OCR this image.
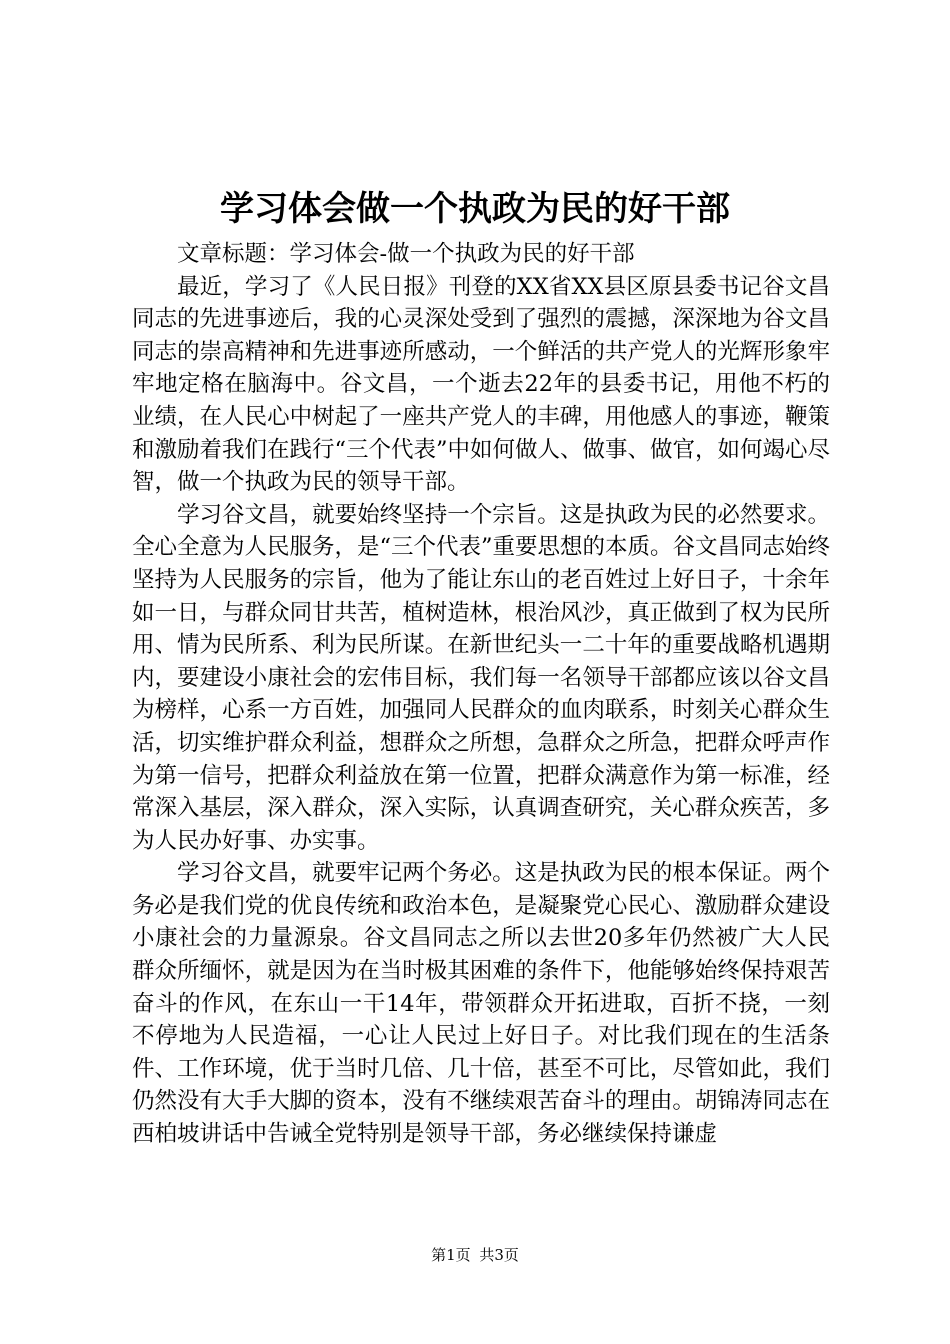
学习体会做一个执政为民的好干部

文章标题：学习体会-做一个执政为民的好干部

最近，学习了《人民日报》刊登的XX省XX县区原县委书记谷文昌同志的先进事迹后，我的心灵深处受到了强烈的震撼，深深地为谷文昌同志的崇高精神和先进事迹所感动，一个鲜活的共产党人的光辉形象牢牢地定格在脑海中。谷文昌，一个逝去22年的县委书记，用他不朽的业绩，在人民心中树起了一座共产党人的丰碑，用他感人的事迹，鞭策和激励着我们在践行“三个代表”中如何做人、做事、做官，如何竭心尽智，做一个执政为民的领导干部。

学习谷文昌，就要始终坚持一个宗旨。这是执政为民的必然要求。全心全意为人民服务，是“三个代表”重要思想的本质。谷文昌同志始终坚持为人民服务的宗旨，他为了能让东山的老百姓过上好日子，十余年如一日，与群众同甘共苦，植树造林，根治风沙，真正做到了权为民所用、情为民所系、利为民所谋。在新世纪头一二十年的重要战略机遇期内，要建设小康社会的宏伟目标，我们每一名领导干部都应该以谷文昌为榜样，心系一方百姓，加强同人民群众的血肉联系，时刻关心群众生活，切实维护群众利益，想群众之所想，急群众之所急，把群众呼声作为第一信号，把群众利益放在第一位置，把群众满意作为第一标准，经常深入基层，深入群众，深入实际，认真调查研究，关心群众疾苦，多为人民办好事、办实事。

学习谷文昌，就要牢记两个务必。这是执政为民的根本保证。两个务必是我们党的优良传统和政治本色，是凝聚党心民心、激励群众建设小康社会的力量源泉。谷文昌同志之所以去世20多年仍然被广大人民群众所缅怀，就是因为在当时极其困难的条件下，他能够始终保持艰苦奋斗的作风，在东山一干14年，带领群众开拓进取，百折不挠，一刻不停地为人民造福，一心让人民过上好日子。对比我们现在的生活条件、工作环境，优于当时几倍、几十倍，甚至不可比，尽管如此，我们仍然没有大手大脚的资本，没有不继续艰苦奋斗的理由。胡锦涛同志在西柏坡讲话中告诫全党特别是领导干部，务必继续保持谦虚

第1页 共3页
